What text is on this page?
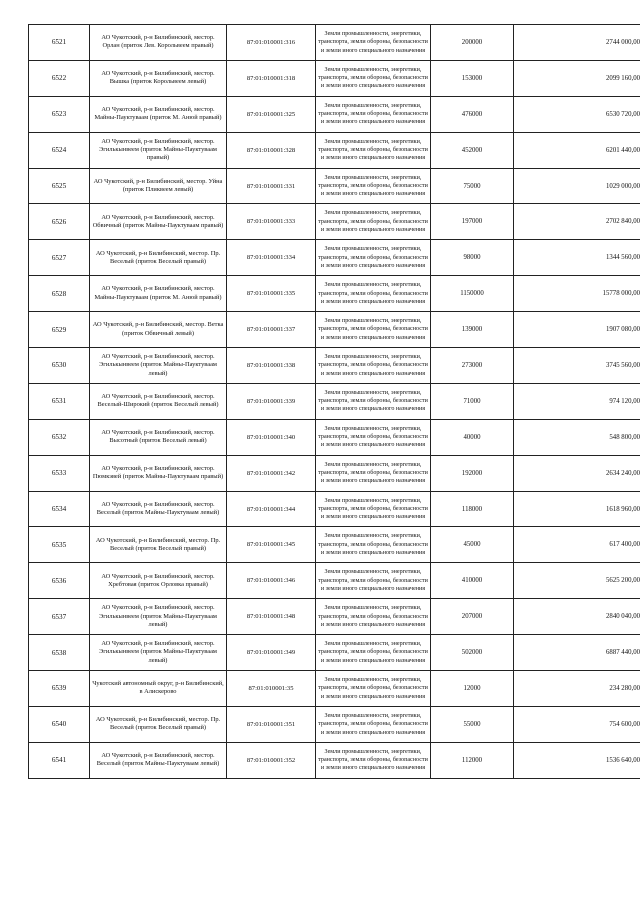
6521	АО Чукотский, р-н Билибинский, местор. Орлан (приток Лев. Корольвеем правый)	87:01:010001:316	Земли промышленности, энергетики, транспорта, земли обороны, безопасности и земли иного специального назначения	200000	2744 000,00
6522	АО Чукотский, р-н Билибинский, местор. Вышка (приток Корольвеем левый)	87:01:010001:318	Земли промышленности, энергетики, транспорта, земли обороны, безопасности и земли иного специального назначения	153000	2099 160,00
6523	АО Чукотский, р-н Билибинский, местор. Майны-Пауктуваам (приток М. Анюй правый)	87:01:010001:325	Земли промышленности, энергетики, транспорта, земли обороны, безопасности и земли иного специального назначения	476000	6530 720,00
6524	АО Чукотский, р-н Билибинский, местор. Эгилькынвеем (приток Майны-Пауктуваам правый)	87:01:010001:328	Земли промышленности, энергетики, транспорта, земли обороны, безопасности и земли иного специального назначения	452000	6201 440,00
6525	АО Чукотский, р-н Билибинский, местор. Уйна (приток Пликвеем левый)	87:01:010001:331	Земли промышленности, энергетики, транспорта, земли обороны, безопасности и земли иного специального назначения	75000	1029 000,00
6526	АО Чукотский, р-н Билибинский, местор. Обвичный (приток Майны-Пауктуваам правый)	87:01:010001:333	Земли промышленности, энергетики, транспорта, земли обороны, безопасности и земли иного специального назначения	197000	2702 840,00
6527	АО Чукотский, р-н Билибинский, местор. Пр. Веселый (приток Веселый правый)	87:01:010001:334	Земли промышленности, энергетики, транспорта, земли обороны, безопасности и земли иного специального назначения	98000	1344 560,00
6528	АО Чукотский, р-н Билибинский, местор. Майны-Пауктуваам (приток М. Анюй правый)	87:01:010001:335	Земли промышленности, энергетики, транспорта, земли обороны, безопасности и земли иного специального назначения	1150000	15778 000,00
6529	АО Чукотский, р-н Билибинский, местор. Ветка (приток Обвичный левый)	87:01:010001:337	Земли промышленности, энергетики, транспорта, земли обороны, безопасности и земли иного специального назначения	139000	1907 080,00
6530	АО Чукотский, р-н Билибинский, местор. Эгилькынвеем (приток Майны-Пауктуваам левый)	87:01:010001:338	Земли промышленности, энергетики, транспорта, земли обороны, безопасности и земли иного специального назначения	273000	3745 560,00
6531	АО Чукотский, р-н Билибинский, местор. Веселый-Широкий (приток Веселый левый)	87:01:010001:339	Земли промышленности, энергетики, транспорта, земли обороны, безопасности и земли иного специального назначения	71000	974 120,00
6532	АО Чукотский, р-н Билибинский, местор. Высотный (приток Веселый левый)	87:01:010001:340	Земли промышленности, энергетики, транспорта, земли обороны, безопасности и земли иного специального назначения	40000	548 800,00
6533	АО Чукотский, р-н Билибинский, местор. Пюмкэвей (приток Майны-Пауктуваам правый)	87:01:010001:342	Земли промышленности, энергетики, транспорта, земли обороны, безопасности и земли иного специального назначения	192000	2634 240,00
6534	АО Чукотский, р-н Билибинский, местор. Веселый (приток Майны-Пауктуваам левый)	87:01:010001:344	Земли промышленности, энергетики, транспорта, земли обороны, безопасности и земли иного специального назначения	118000	1618 960,00
6535	АО Чукотский, р-н Билибинский, местор. Пр. Веселый (приток Веселый правый)	87:01:010001:345	Земли промышленности, энергетики, транспорта, земли обороны, безопасности и земли иного специального назначения	45000	617 400,00
6536	АО Чукотский, р-н Билибинский, местор. Хребтовая (приток Орловка правый)	87:01:010001:346	Земли промышленности, энергетики, транспорта, земли обороны, безопасности и земли иного специального назначения	410000	5625 200,00
6537	АО Чукотский, р-н Билибинский, местор. Эгилькынвеем (приток Майны-Пауктуваам левый)	87:01:010001:348	Земли промышленности, энергетики, транспорта, земли обороны, безопасности и земли иного специального назначения	207000	2840 040,00
6538	АО Чукотский, р-н Билибинский, местор. Эгилькынвеем (приток Майны-Пауктуваам левый)	87:01:010001:349	Земли промышленности, энергетики, транспорта, земли обороны, безопасности и земли иного специального назначения	502000	6887 440,00
6539	Чукотский автономный округ, р-н Билибинский, в Алискерово	87:01:010001:35	Земли промышленности, энергетики, транспорта, земли обороны, безопасности и земли иного специального назначения	12000	234 280,00
6540	АО Чукотский, р-н Билибинский, местор. Пр. Веселый (приток Веселый правый)	87:01:010001:351	Земли промышленности, энергетики, транспорта, земли обороны, безопасности и земли иного специального назначения	55000	754 600,00
6541	АО Чукотский, р-н Билибинский, местор. Веселый (приток Майны-Пауктуваам левый)	87:01:010001:352	Земли промышленности, энергетики, транспорта, земли обороны, безопасности и земли иного специального назначения	112000	1536 640,00
